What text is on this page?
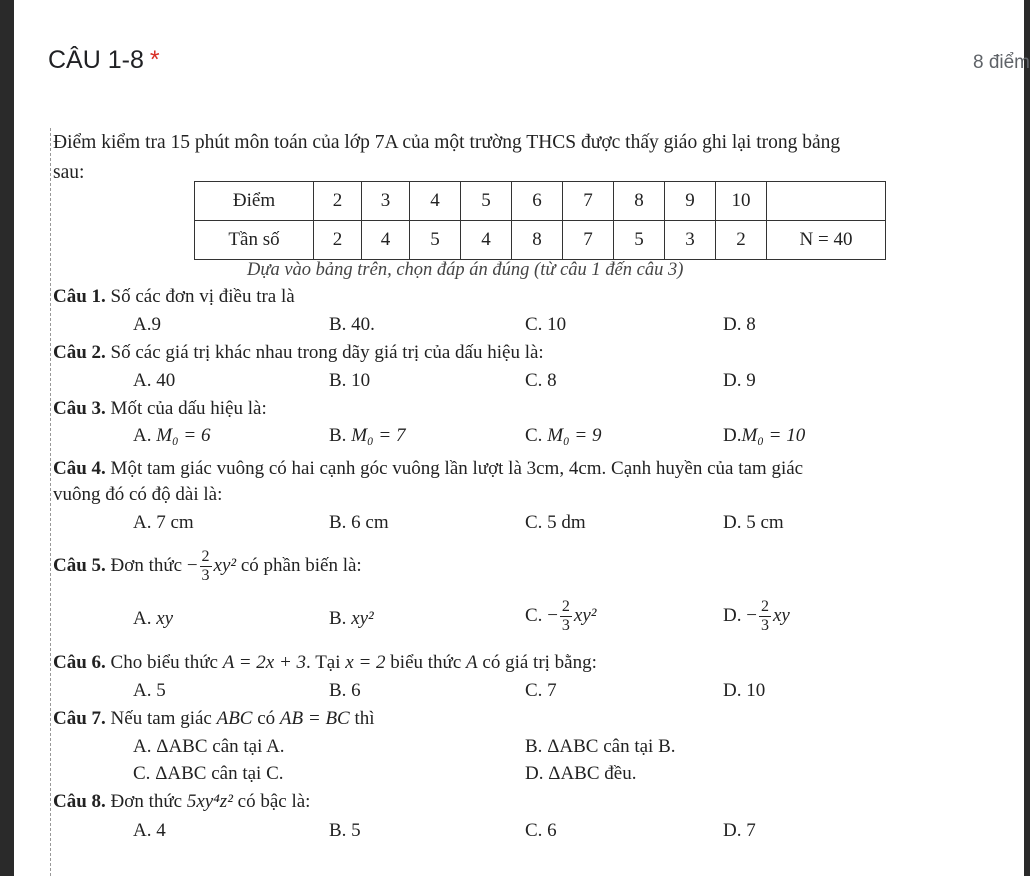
CÂU 1-8 *	8 điểm
Điểm kiểm tra 15 phút môn toán của lớp 7A của một trường THCS được thấy giáo ghi lại trong bảng
sau:
Điểm	2	3	4	5	6	7	8	9	10	
Tần số	2	4	5	4	8	7	5	3	2	N = 40
Dựa vào bảng trên, chọn đáp án đúng (từ câu 1 đến câu 3)
Câu 1. Số các đơn vị điều tra là
A.9	B. 40.	C. 10	D. 8
Câu 2. Số các giá trị khác nhau trong dãy giá trị của dấu hiệu là:
A. 40	B. 10	C. 8	D. 9
Câu 3. Mốt của dấu hiệu là:
A. M₀ = 6	B. M₀ = 7	C. M₀ = 9	D.M₀ = 10
Câu 4. Một tam giác vuông có hai cạnh góc vuông lần lượt là 3cm, 4cm. Cạnh huyền của tam giác
vuông đó có độ dài là:
A. 7 cm	B. 6 cm	C. 5 dm	D. 5 cm
Câu 5. Đơn thức − $\frac{2}{3} xy^2$ có phần biến là:
A. xy	B. xy²	C. − $\frac{2}{3} xy^2$	D. − $\frac{2}{3}$ xy
Câu 6. Cho biểu thức A = 2x + 3. Tại x = 2 biểu thức A có giá trị bằng:
A. 5	B. 6	C. 7	D. 10
Câu 7. Nếu tam giác ABC có AB = BC thì
A. ΔABC cân tại A.	B. ΔABC cân tại B.
C. ΔABC cân tại C.	D. ΔABC đều.
Câu 8. Đơn thức 5xy⁴z² có bậc là:
A. 4	B. 5	C. 6	D. 7
